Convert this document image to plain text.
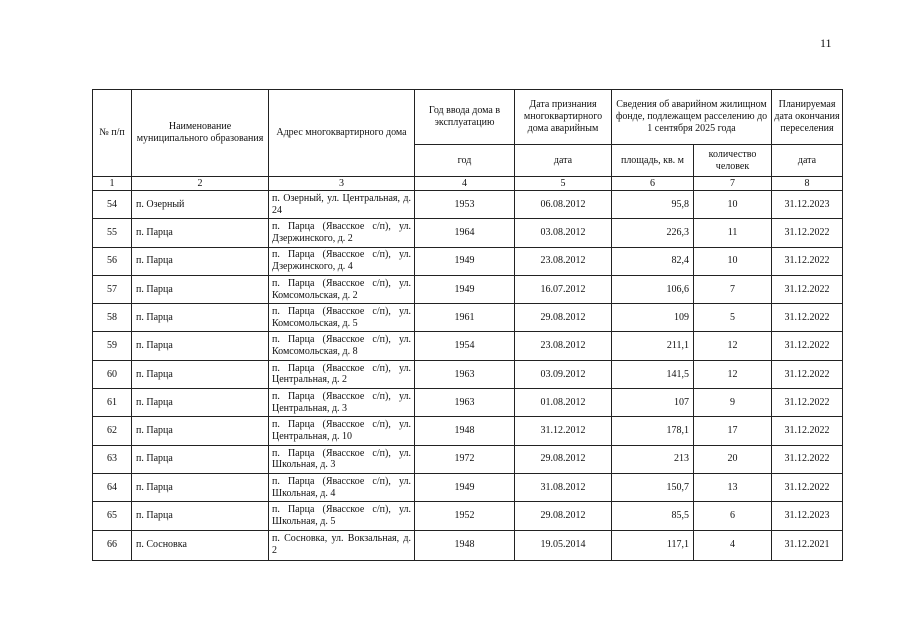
11
№ п/п	Наименование муниципального образования	Адрес многоквартирного дома	Год ввода дома в эксплуатацию	Дата признания многоквартирного дома аварийным	Сведения об аварийном жилищном фонде, подлежащем расселению до 1 сентября 2025 года		Планируемая дата окончания переселения
			год	дата	площадь, кв. м	количество человек	дата
1	2	3	4	5	6	7	8
54	п. Озерный	п. Озерный, ул. Центральная, д. 24	1953	06.08.2012	95,8	10	31.12.2023
55	п. Парца	п. Парца (Явасское с/п), ул. Дзержинского, д. 2	1964	03.08.2012	226,3	11	31.12.2022
56	п. Парца	п. Парца (Явасское с/п), ул. Дзержинского, д. 4	1949	23.08.2012	82,4	10	31.12.2022
57	п. Парца	п. Парца (Явасское с/п), ул. Комсомольская, д. 2	1949	16.07.2012	106,6	7	31.12.2022
58	п. Парца	п. Парца (Явасское с/п), ул. Комсомольская, д. 5	1961	29.08.2012	109	5	31.12.2022
59	п. Парца	п. Парца (Явасское с/п), ул. Комсомольская, д. 8	1954	23.08.2012	211,1	12	31.12.2022
60	п. Парца	п. Парца (Явасское с/п), ул. Центральная, д. 2	1963	03.09.2012	141,5	12	31.12.2022
61	п. Парца	п. Парца (Явасское с/п), ул. Центральная, д. 3	1963	01.08.2012	107	9	31.12.2022
62	п. Парца	п. Парца (Явасское с/п), ул. Центральная, д. 10	1948	31.12.2012	178,1	17	31.12.2022
63	п. Парца	п. Парца (Явасское с/п), ул. Школьная, д. 3	1972	29.08.2012	213	20	31.12.2022
64	п. Парца	п. Парца (Явасское с/п), ул. Школьная, д. 4	1949	31.08.2012	150,7	13	31.12.2022
65	п. Парца	п. Парца (Явасское с/п), ул. Школьная, д. 5	1952	29.08.2012	85,5	6	31.12.2023
66	п. Сосновка	п. Сосновка, ул. Вокзальная, д. 2	1948	19.05.2014	117,1	4	31.12.2021
